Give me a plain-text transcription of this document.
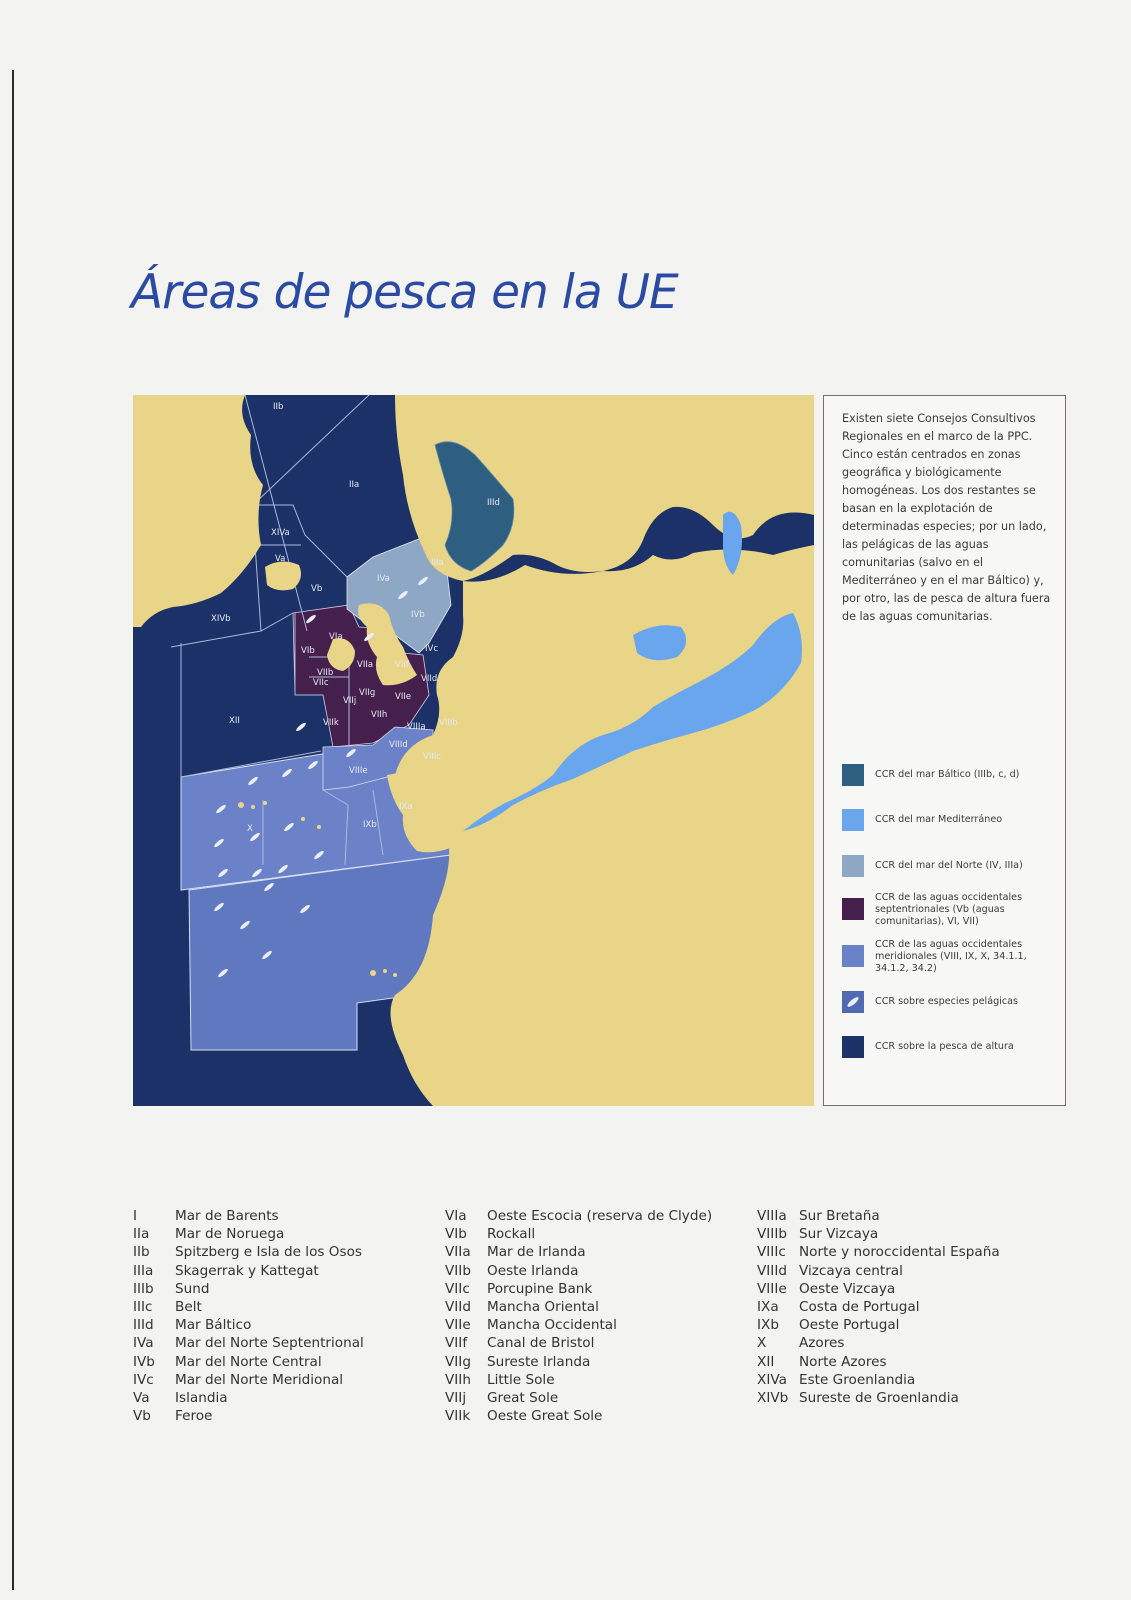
Áreas de pesca en la UE
IIb
IIa
XIVa
Va
XIVb
Vb
IVa
IIIa
IIId
IVb
IVc
VIb
VIa
VIIb
VIIc
VIIa	VIIf
VIId
VIIg VIIe
VIIj
VIIh
VIIk
XII
VIIIa VIIIb
VIIId
VIIIc
VIIIe
IXa
IXb
X

Existen siete Consejos Consultivos Regionales en el marco de la PPC. Cinco están centrados en zonas geográfica y biológicamente homogéneas. Los dos restantes se basan en la explotación de determinadas especies; por un lado, las pelágicas de las aguas comunitarias (salvo en el Mediterráneo y en el mar Báltico) y, por otro, las de pesca de altura fuera de las aguas comunitarias.

CCR del mar Báltico (IIIb, c, d)
CCR del mar Mediterráneo
CCR del mar del Norte (IV, IIIa)
CCR de las aguas occidentales septentrionales (Vb (aguas comunitarias), VI, VII)
CCR de las aguas occidentales meridionales (VIII, IX, X, 34.1.1, 34.1.2, 34.2)
CCR sobre especies pelágicas
CCR sobre la pesca de altura
I	Mar de Barents
IIa Mar de Noruega
IIb Spitzberg e Isla de los Osos
IIIa Skagerrak y Kattegat
IIIb Sund
IIIc Belt
IIId Mar Báltico
IVa Mar del Norte Septentrional
IVb Mar del Norte Central
IVc Mar del Norte Meridional
Va Islandia
Vb Feroe
VIa Oeste Escocia (reserva de Clyde)
VIb Rockall
VIIa Mar de Irlanda
VIIb Oeste Irlanda
VIIc Porcupine Bank
VIId Mancha Oriental
VIIe Mancha Occidental
VIIf Canal de Bristol
VIIg Sureste Irlanda
VIIh Little Sole
VIIj Great Sole
VIIk Oeste Great Sole
VIIIa Sur Bretaña
VIIIb Sur Vizcaya
VIIIc Norte y noroccidental España
VIIId Vizcaya central
VIIIe Oeste Vizcaya
IXa Costa de Portugal
IXb Oeste Portugal
X Azores
XII Norte Azores
XIVa Este Groenlandia
XIVb Sureste de Groenlandia
